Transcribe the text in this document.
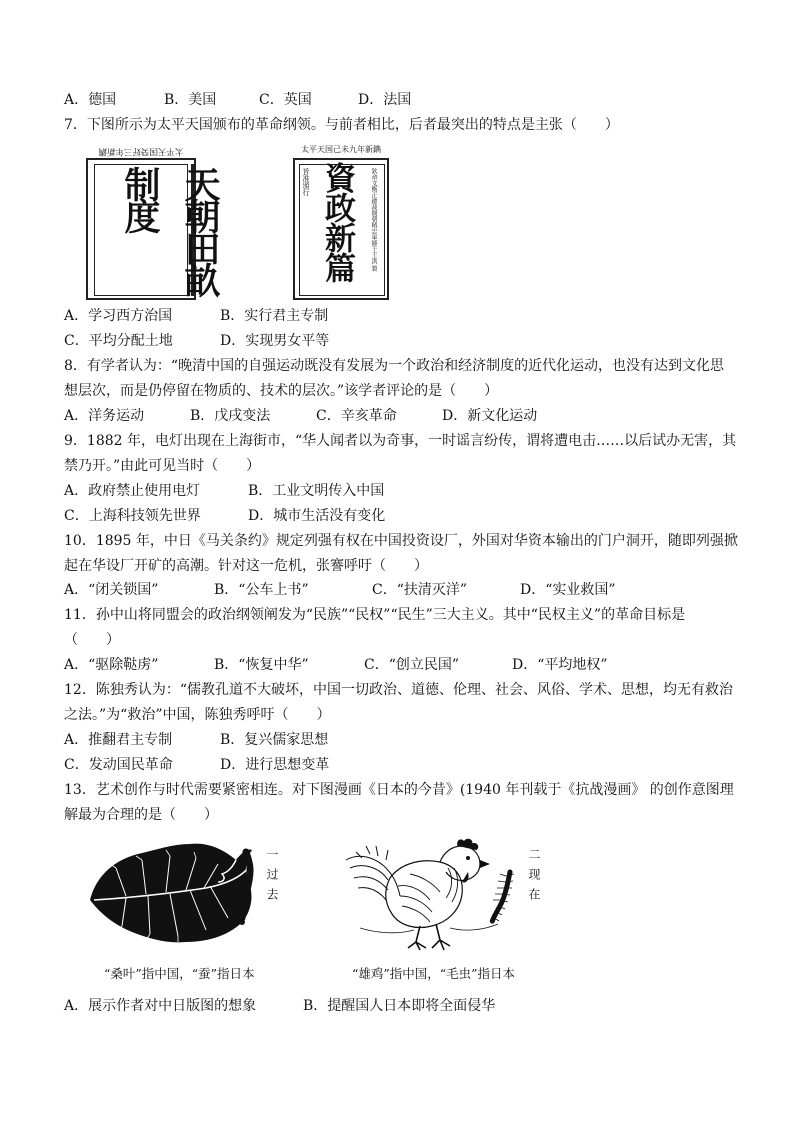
A．德国	B．美国	C．英国	D．法国
7．下图所示为太平天国颁布的革命纲领。与前者相比，后者最突出的特点是主张（　　）
太平天国癸好三年新鐫
天朝田畝制度
太平天国己未九年新鐫
旨准頒行 資政新篇	欽命文衡正總裁開朝精忠軍師干王洪 製
A．学习西方治国	B．实行君主专制
C．平均分配土地	D．实现男女平等
8．有学者认为：“晚清中国的自强运动既没有发展为一个政治和经济制度的近代化运动，也没有达到文化思
想层次，而是仍停留在物质的、技术的层次。”该学者评论的是（　　）
A．洋务运动	B．戊戌变法	C．辛亥革命	D．新文化运动
9．1882 年，电灯出现在上海街市，“华人闻者以为奇事，一时谣言纷传，谓将遭电击……以后试办无害，其
禁乃开。”由此可见当时（　　）
A．政府禁止使用电灯	B．工业文明传入中国
C．上海科技领先世界	D．城市生活没有变化
10．1895 年，中日《马关条约》规定列强有权在中国投资设厂，外国对华资本输出的门户洞开，随即列强掀
起在华设厂开矿的高潮。针对这一危机，张謇呼吁（　　）
A．“闭关锁国”	B．“公车上书”	C．“扶清灭洋”	D．“实业救国”
11．孙中山将同盟会的政治纲领阐发为“民族”“民权”“民生”三大主义。其中“民权主义”的革命目标是
（　　）
A．“驱除鞑虏”	B．“恢复中华”	C．“创立民国”	D．“平均地权”
12．陈独秀认为：“儒教孔道不大破坏，中国一切政治、道德、伦理、社会、风俗、学术、思想，均无有救治
之法。”为“救治”中国，陈独秀呼吁（　　）
A．推翻君主专制	B．复兴儒家思想
C．发动国民革命	D．进行思想变革
13．艺术创作与时代需要紧密相连。对下图漫画《日本的今昔》(1940 年刊载于《抗战漫画》 的创作意图理
解最为合理的是（　　）
一过去
“桑叶”指中国，“蚕”指日本
二现在
“雄鸡”指中国，“毛虫”指日本
A．展示作者对中日版图的想象	B．提醒国人日本即将全面侵华
